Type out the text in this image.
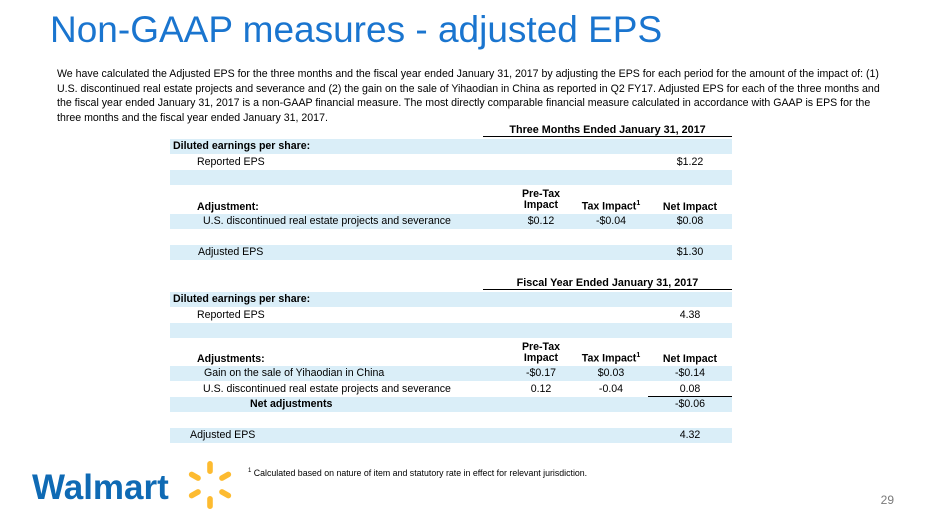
Non-GAAP measures - adjusted EPS
We have calculated the Adjusted EPS for the three months and the fiscal year ended January 31, 2017 by adjusting the EPS for each period for the amount of the impact of: (1) U.S. discontinued real estate projects and severance and (2) the gain on the sale of Yihaodian in China as reported in Q2 FY17. Adjusted EPS for each of the three months and the fiscal year ended January 31, 2017 is a non-GAAP financial measure. The most directly comparable financial measure calculated in accordance with GAAP is EPS for the three months and the fiscal year ended January 31, 2017.
Three Months Ended January 31, 2017
Diluted earnings per share:
Reported EPS	$1.22
Adjustment:
Pre-Tax
Impact	Tax Impact$^1$	Net Impact
U.S. discontinued real estate projects and severance	$0.12	-$0.04	$0.08
Adjusted EPS	$1.30
Fiscal Year Ended January 31, 2017
Diluted earnings per share:
Reported EPS	4.38
Adjustments:
Pre-Tax
Impact	Tax Impact$^1$	Net Impact
Gain on the sale of Yihaodian in China	-$0.17	$0.03	-$0.14
U.S. discontinued real estate projects and severance	0.12	-0.04	0.08
Net adjustments	-$0.06
Adjusted EPS	4.32
Walmart	$^1$ Calculated based on nature of item and statutory rate in effect for relevant jurisdiction.
29
